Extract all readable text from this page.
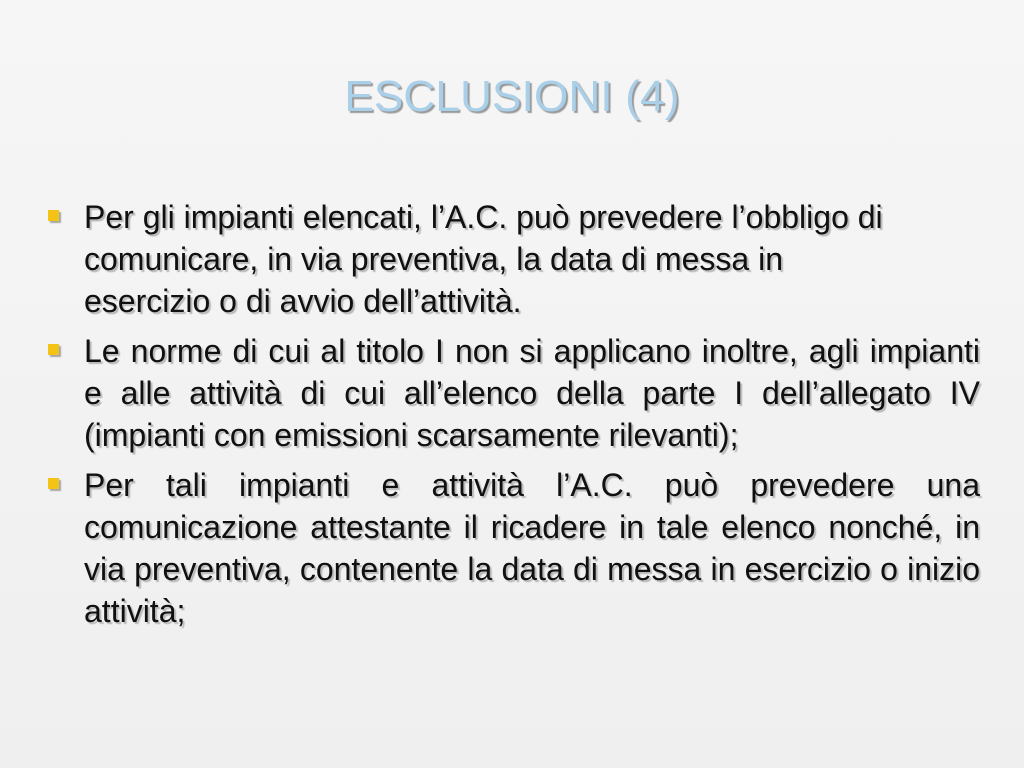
ESCLUSIONI (4)
Per gli impianti elencati, l’A.C. può prevedere l’obbligo di comunicare, in via preventiva, la data di messa in esercizio o di avvio dell’attività.
Le norme di cui al titolo I non si applicano inoltre, agli impianti e alle attività di cui all’elenco della parte I dell’allegato IV (impianti con emissioni scarsamente rilevanti);
Per tali impianti e attività l’A.C. può prevedere una comunicazione attestante il ricadere in tale elenco nonché, in via preventiva, contenente la data di messa in esercizio o inizio attività;
